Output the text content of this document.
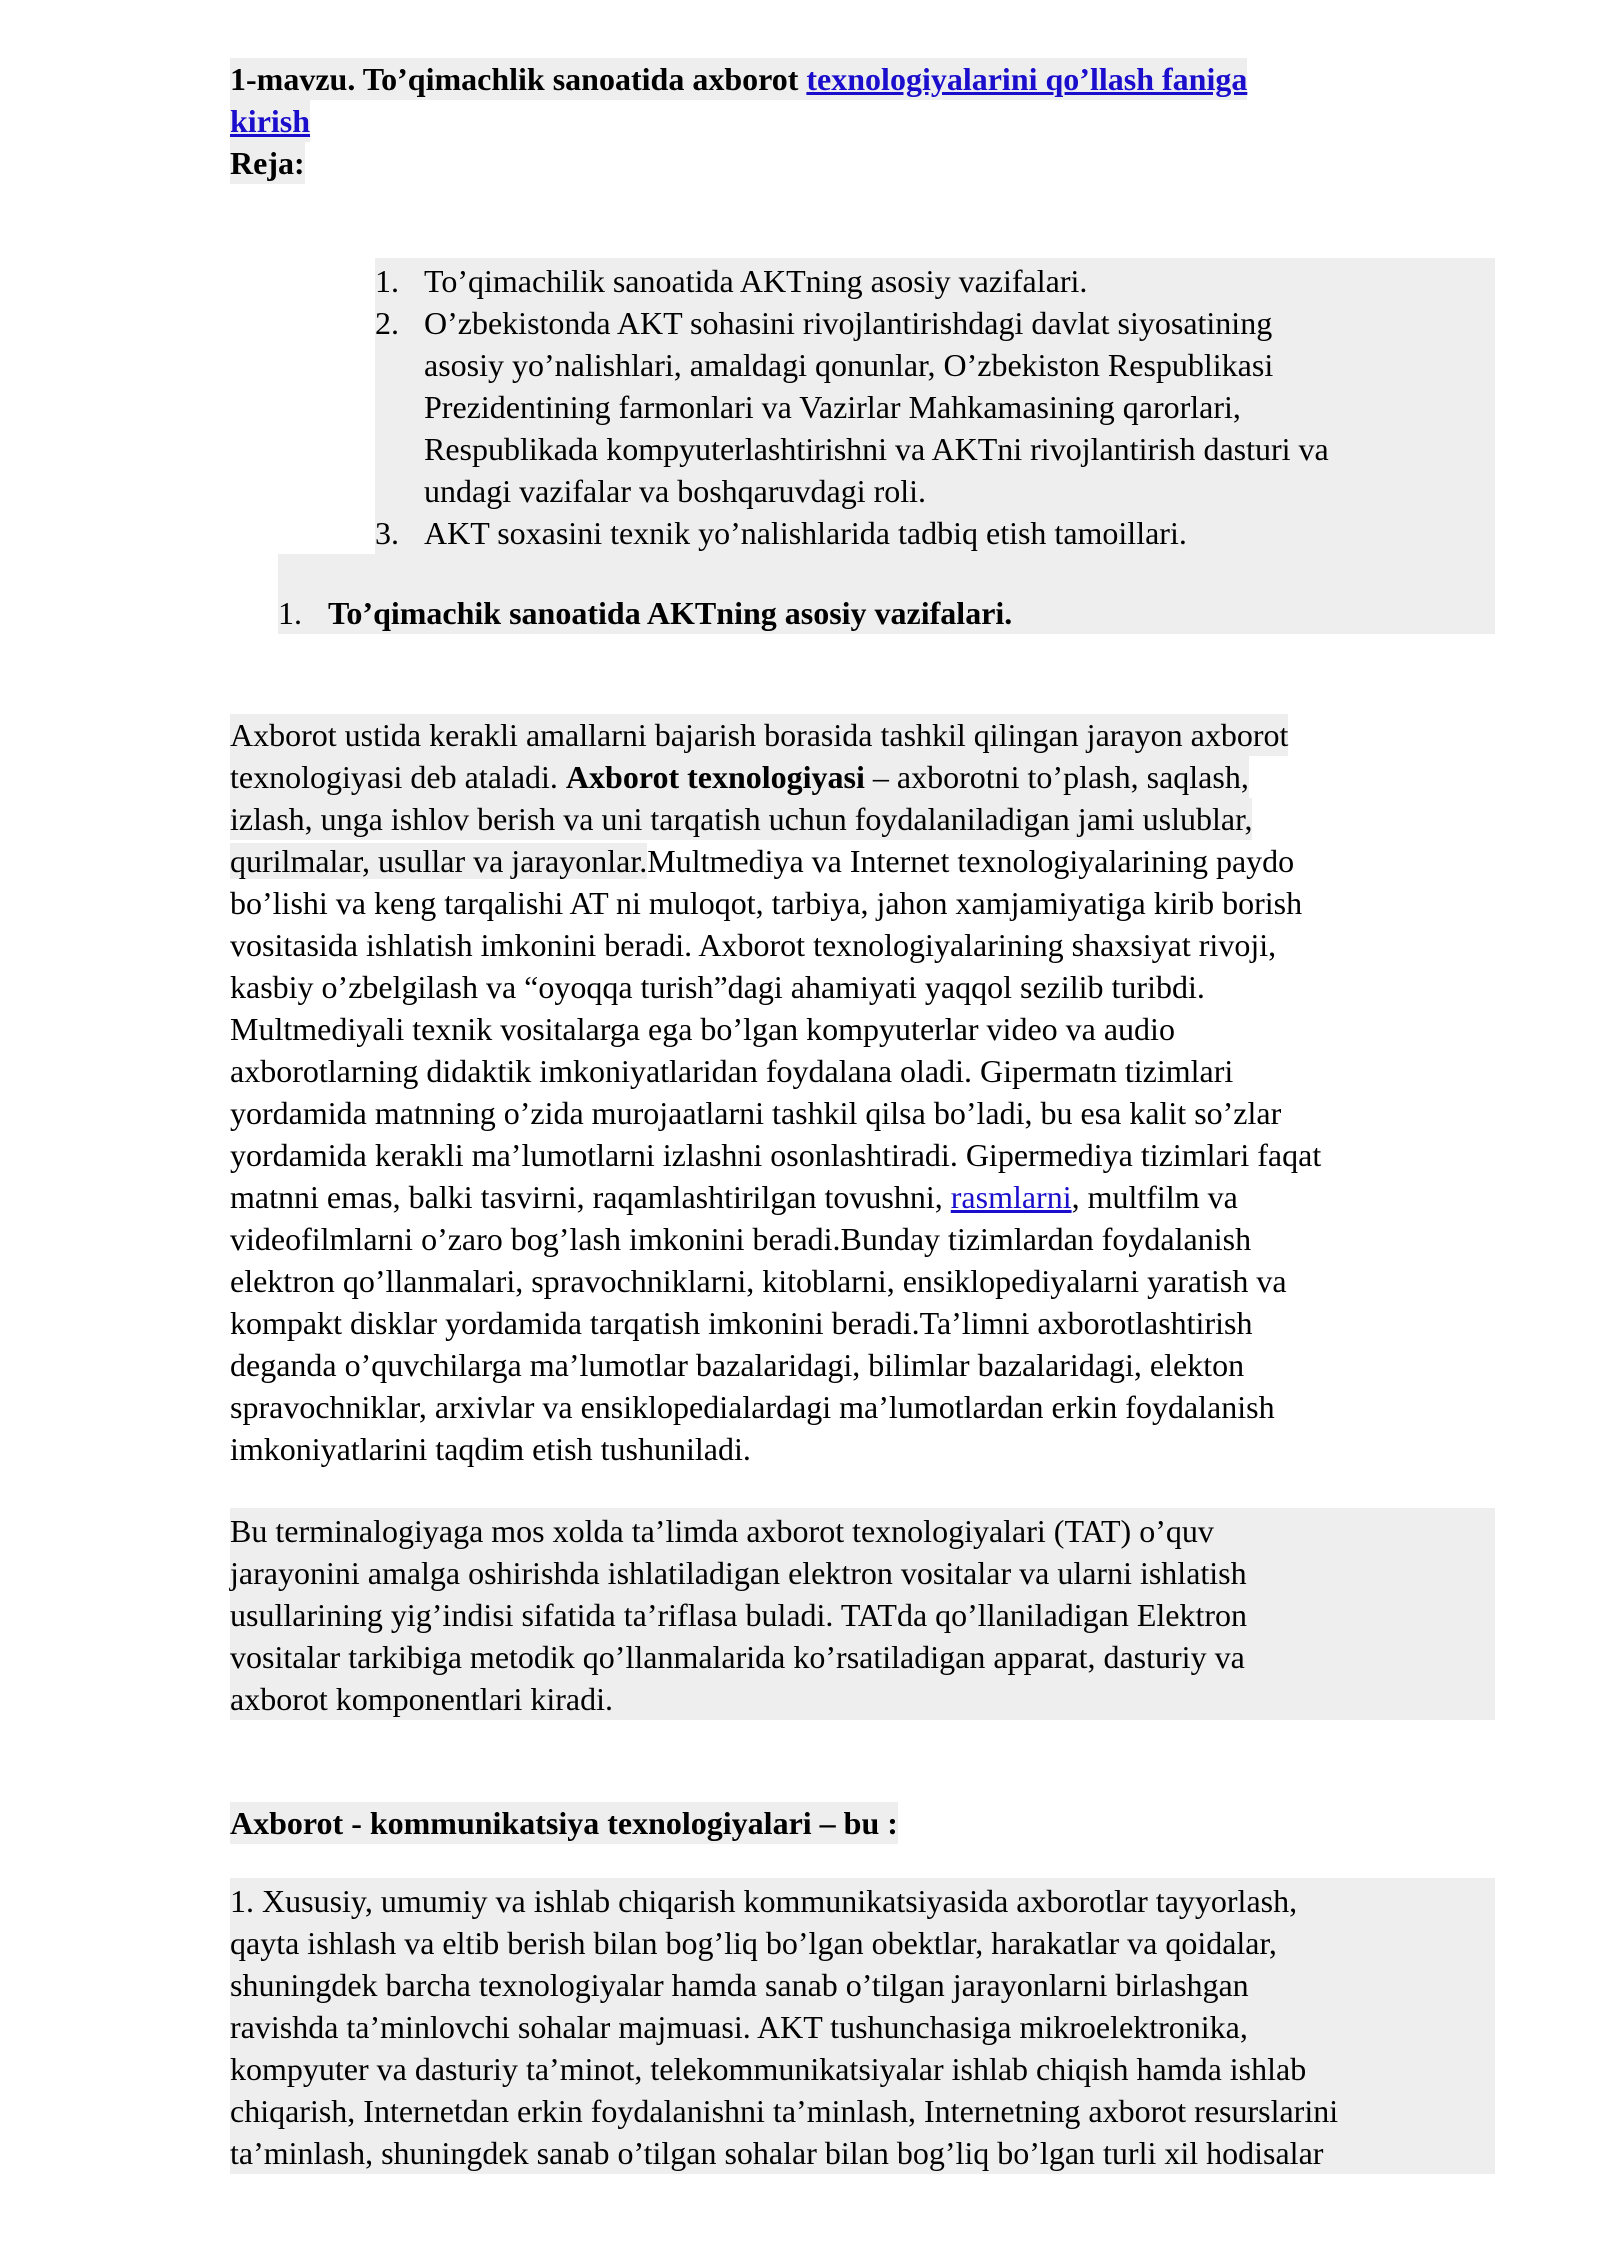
1-mavzu. To’qimachlik sanoatida axborot texnologiyalarini qo’llash faniga
kirish
Reja:
1. To’qimachilik sanoatida AKTning asosiy vazifalari.
2. O’zbekistonda AKT sohasini rivojlantirishdagi davlat siyosatining
asosiy yo’nalishlari, amaldagi qonunlar, O’zbekiston Respublikasi
Prezidentining farmonlari va Vazirlar Mahkamasining qarorlari,
Respublikada kompyuterlashtirishni va AKTni rivojlantirish dasturi va
undagi vazifalar va boshqaruvdagi roli.
3. AKT soxasini texnik yo’nalishlarida tadbiq etish tamoillari.
1. To’qimachik sanoatida AKTning asosiy vazifalari.
Axborot ustida kerakli amallarni bajarish borasida tashkil qilingan jarayon axborot
texnologiyasi deb ataladi. Axborot texnologiyasi – axborotni to’plash, saqlash,
izlash, unga ishlov berish va uni tarqatish uchun foydalaniladigan jami uslublar,
qurilmalar, usullar va jarayonlar.Multmediya va Internet texnologiyalarining paydo
bo’lishi va keng tarqalishi AT ni muloqot, tarbiya, jahon xamjamiyatiga kirib borish
vositasida ishlatish imkonini beradi. Axborot texnologiyalarining shaxsiyat rivoji,
kasbiy o’zbelgilash va “oyoqqa turish”dagi ahamiyati yaqqol sezilib turibdi.
Multmediyali texnik vositalarga ega bo’lgan kompyuterlar video va audio
axborotlarning didaktik imkoniyatlaridan foydalana oladi. Gipermatn tizimlari
yordamida matnning o’zida murojaatlarni tashkil qilsa bo’ladi, bu esa kalit so’zlar
yordamida kerakli ma’lumotlarni izlashni osonlashtiradi. Gipermediya tizimlari faqat
matnni emas, balki tasvirni, raqamlashtirilgan tovushni, rasmlarni, multfilm va
videofilmlarni o’zaro bog’lash imkonini beradi.Bunday tizimlardan foydalanish
elektron qo’llanmalari, spravochniklarni, kitoblarni, ensiklopediyalarni yaratish va
kompakt disklar yordamida tarqatish imkonini beradi.Ta’limni axborotlashtirish
deganda o’quvchilarga ma’lumotlar bazalaridagi, bilimlar bazalaridagi, elekton
spravochniklar, arxivlar va ensiklopedialardagi ma’lumotlardan erkin foydalanish
imkoniyatlarini taqdim etish tushuniladi.
Bu terminalogiyaga mos xolda ta’limda axborot texnologiyalari (TAT) o’quv
jarayonini amalga oshirishda ishlatiladigan elektron vositalar va ularni ishlatish
usullarining yig’indisi sifatida ta’riflasa buladi. TATda qo’llaniladigan Elektron
vositalar tarkibiga metodik qo’llanmalarida ko’rsatiladigan apparat, dasturiy va
axborot komponentlari kiradi.
Axborot - kommunikatsiya texnologiyalari – bu :
1. Xususiy, umumiy va ishlab chiqarish kommunikatsiyasida axborotlar tayyorlash,
qayta ishlash va eltib berish bilan bog’liq bo’lgan obektlar, harakatlar va qoidalar,
shuningdek barcha texnologiyalar hamda sanab o’tilgan jarayonlarni birlashgan
ravishda ta’minlovchi sohalar majmuasi. AKT tushunchasiga mikroelektronika,
kompyuter va dasturiy ta’minot, telekommunikatsiyalar ishlab chiqish hamda ishlab
chiqarish, Internetdan erkin foydalanishni ta’minlash, Internetning axborot resurslarini
ta’minlash, shuningdek sanab o’tilgan sohalar bilan bog’liq bo’lgan turli xil hodisalar
